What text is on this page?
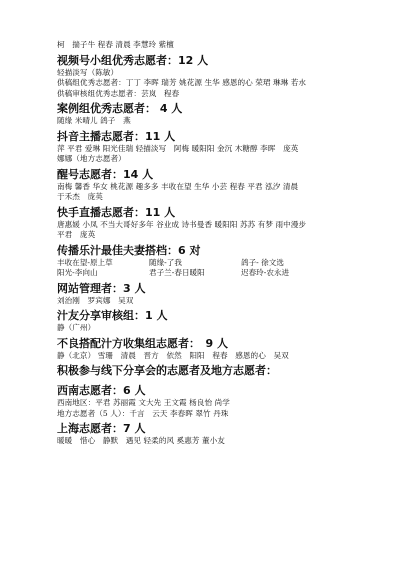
柯　揣子牛 程春 清晨 李慧玲 紫檀
视频号小组优秀志愿者：12 人
轻描淡写（陈敏）
供稿组优秀志愿者：丁丁 李晖 瑞芳 姚花源 生华 感恩的心 荣珺 琳琳 若水
供稿审核组优秀志愿者：芸岚　程春
案例组优秀志愿者： 4 人
随缘 米晴儿 鸽子　燕
抖音主播志愿者：11 人
萍 平君 爱琳 阳光佳瑞 轻描淡写　阿梅 暖阳阳 金沉 木糖醇 李晖　庞英
娜娜（地方志愿者）
醒号志愿者：14 人
南梅 馨香 华女 桃花源 趣多多 丰收在望 生华 小芸 程春 平君 泓汐 清晨
于禾杰　庞英
快手直播志愿者：11 人
唐惠媛 小凤 不当大哥好多年 谷业成 诗书曼香 暖阳阳 苏苏 有梦 雨中漫步
平君　庞英
传播乐汁最佳夫妻搭档：6 对
丰收在望-原上草	随缘-了我	鸽子- 徐文选
阳光-李向山	君子兰-春日暖阳	迟春玲-农永进
网站管理者：3 人
刘治刚　罗宾娜　吴双
汁友分享审核组：1 人
静（广州）
不良搭配汁方收集组志愿者：　9 人
静（北京） 雪珊　清晨　晋方　依然　阳阳　程春　感恩的心　吴双
积极参与线下分享会的志愿者及地方志愿者：
西南志愿者：6 人
西南地区：平君 苏丽霞 文大先 王文霞 杨良怡 尚学
地方志愿者（5 人）：千言　云天 李春晖 翠竹 丹珠
上海志愿者：7 人
暖暖　惜心　静默　遇见 轻柔的风 奚惠芳 董小友
